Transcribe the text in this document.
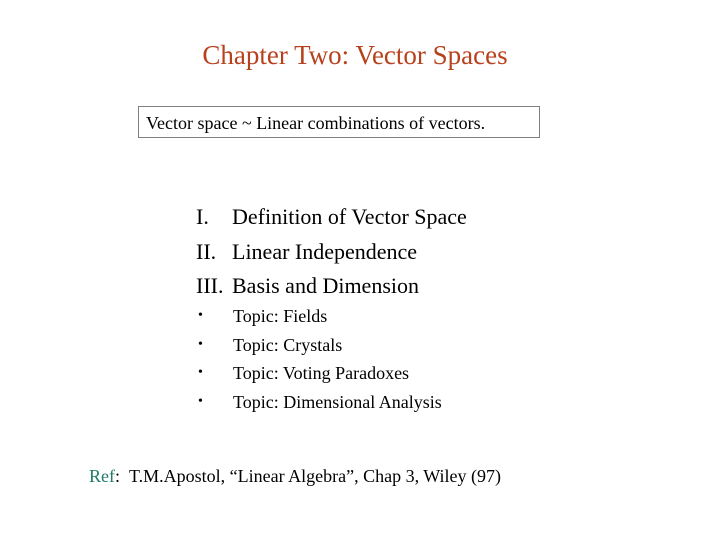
Chapter Two: Vector Spaces
Vector space ~ Linear combinations of vectors.
I.	Definition of Vector Space
II. Linear Independence
III. Basis and Dimension
•	Topic: Fields
•	Topic: Crystals
•	Topic: Voting Paradoxes
•	Topic: Dimensional Analysis
Ref: T.M.Apostol, “Linear Algebra”, Chap 3, Wiley (97)
